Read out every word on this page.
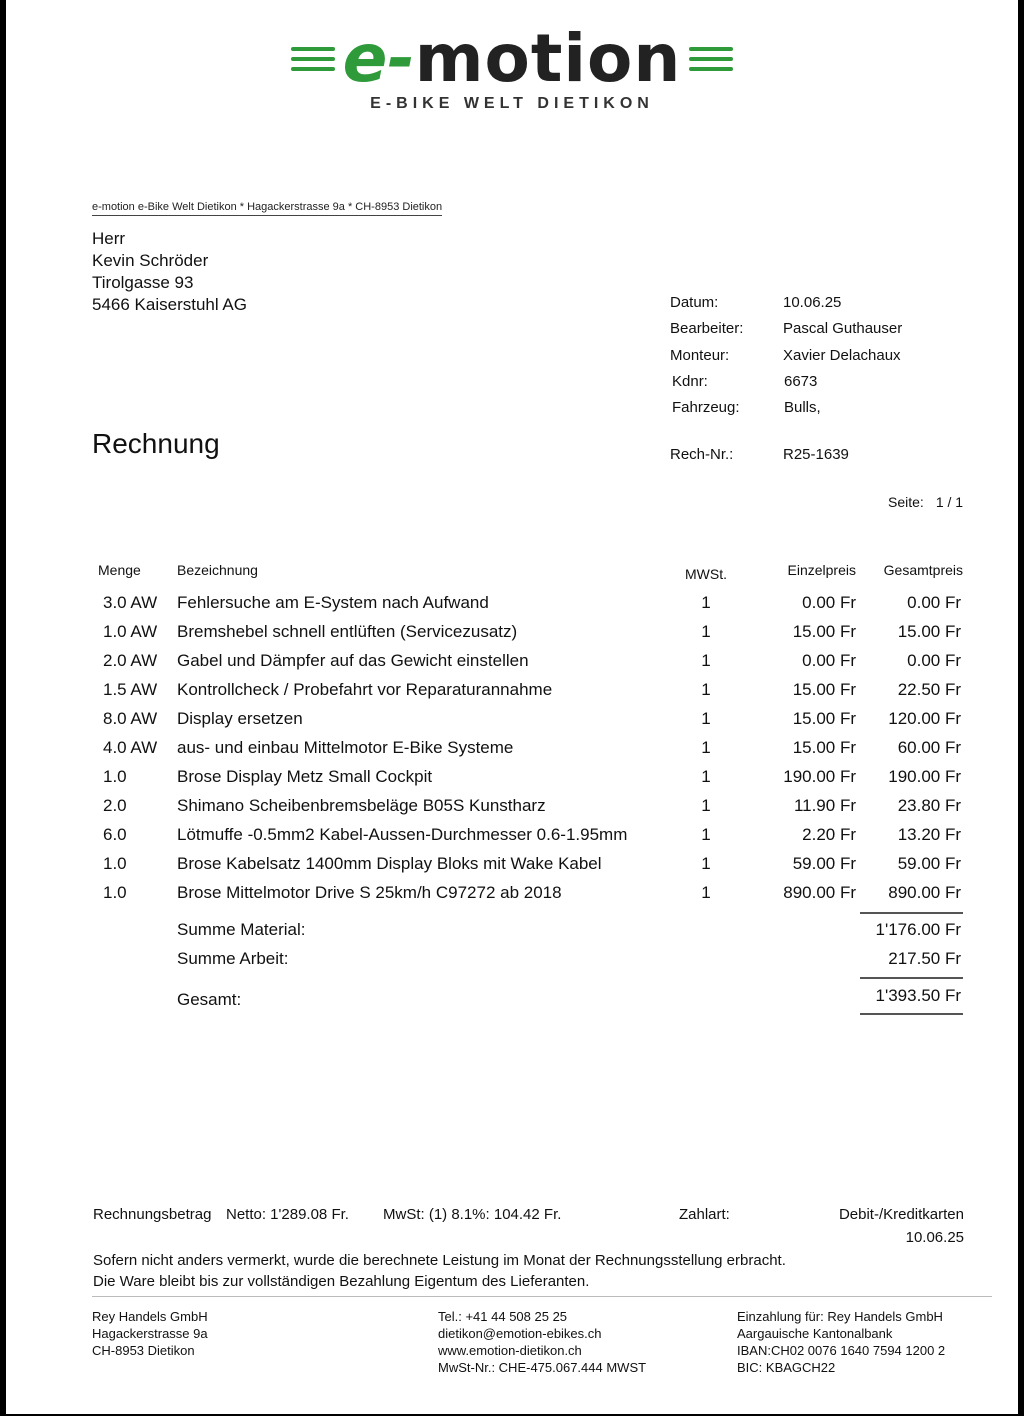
e-motion
E-BIKE WELT DIETIKON
e-motion e-Bike Welt Dietikon * Hagackerstrasse 9a * CH-8953 Dietikon
Herr
Kevin Schröder
Tirolgasse 93
5466 Kaiserstuhl AG	Datum:	10.06.25
Bearbeiter:	Pascal Guthauser
Monteur:	Xavier Delachaux
Kdnr:	6673
Fahrzeug:	Bulls,
Rech-Nr.:	R25-1639
Rechnung
Seite: 1 / 1
Menge	Bezeichnung	MWSt.	Einzelpreis Gesamtpreis
3.0 AW Fehlersuche am E-System nach Aufwand	1	0.00 Fr	0.00 Fr
1.0 AW Bremshebel schnell entlüften (Servicezusatz)	1	15.00 Fr 15.00 Fr
2.0 AW Gabel und Dämpfer auf das Gewicht einstellen	1	0.00 Fr	0.00 Fr
1.5 AW Kontrollcheck / Probefahrt vor Reparaturannahme	1	15.00 Fr 22.50 Fr
8.0 AW Display ersetzen	1	15.00 Fr 120.00 Fr
4.0 AW aus- und einbau Mittelmotor E-Bike Systeme	1	15.00 Fr 60.00 Fr
1.0	Brose Display Metz Small Cockpit	1	190.00 Fr 190.00 Fr
2.0	Shimano Scheibenbremsbeläge B05S Kunstharz	1	11.90 Fr 23.80 Fr
6.0	Lötmuffe -0.5mm2 Kabel-Aussen-Durchmesser 0.6-1.95mm	1	2.20 Fr 13.20 Fr
1.0	Brose Kabelsatz 1400mm Display Bloks mit Wake Kabel	1	59.00 Fr 59.00 Fr
1.0	Brose Mittelmotor Drive S 25km/h C97272 ab 2018	1	890.00 Fr 890.00 Fr
Summe Material:	1'176.00 Fr
Summe Arbeit:	217.50 Fr
Gesamt:	1'393.50 Fr
Rechnungsbetrag Netto: 1'289.08 Fr. MwSt: (1) 8.1%: 104.42 Fr.	Zahlart:	Debit-/Kreditkarten
10.06.25
Sofern nicht anders vermerkt, wurde die berechnete Leistung im Monat der Rechnungsstellung erbracht.
Die Ware bleibt bis zur vollständigen Bezahlung Eigentum des Lieferanten.
Rey Handels GmbH
Hagackerstrasse 9a
CH-8953 Dietikon
Tel.: +41 44 508 25 25
dietikon@emotion-ebikes.ch
www.emotion-dietikon.ch
MwSt-Nr.: CHE-475.067.444 MWST
Einzahlung für: Rey Handels GmbH
Aargauische Kantonalbank
IBAN:CH02 0076 1640 7594 1200 2
BIC: KBAGCH22
